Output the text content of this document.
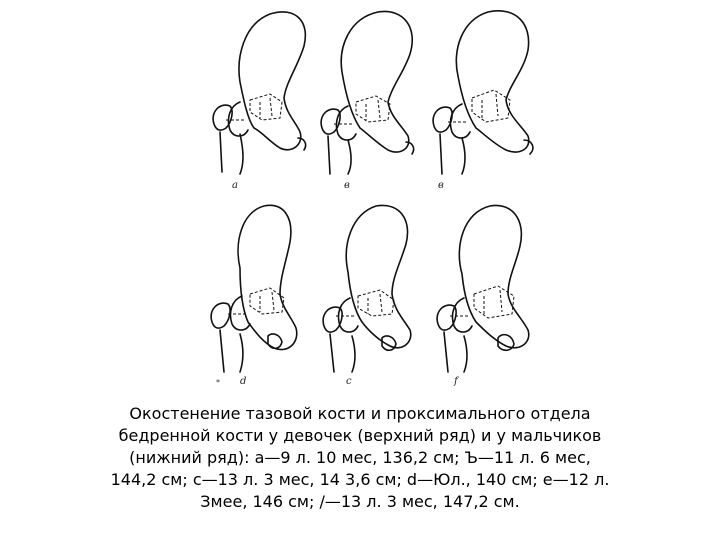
a	в	в
d	c	f
*
Окостенение тазовой кости и проксимального отдела
бедренной кости у девочек (верхний ряд) и у мальчиков
(нижний ряд): а—9 л. 10 мес, 136,2 см; Ъ—11 л. 6 мес,
144,2 см; с—13 л. 3 мес, 14 3,6 см; d—Юл., 140 см; е—12 л.
Змее, 146 см; /—13 л. 3 мес, 147,2 см.
